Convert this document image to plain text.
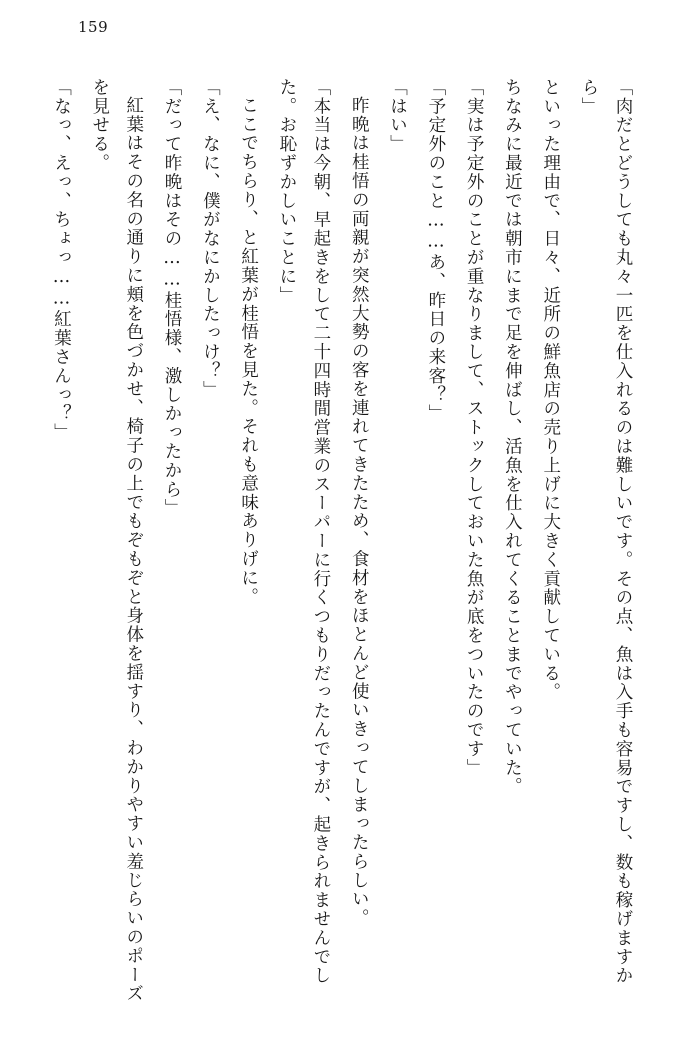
159

「肉だとどうしても丸々一匹を仕入れるのは難しいです。その点、魚は入手も容易ですし、数も稼げますから」

といった理由で、日々、近所の鮮魚店の売り上げに大きく貢献している。

ちなみに最近では朝市にまで足を伸ばし、活魚を仕入れてくることまでやっていた。

「実は予定外のことが重なりまして、ストックしておいた魚が底をついたのです」

「予定外のこと……あ、昨日の来客？」

「はい」

昨晩は桂悟の両親が突然大勢の客を連れてきたため、食材をほとんど使いきってしまったらしい。

「本当は今朝、早起きをして二十四時間営業のスーパーに行くつもりだったんですが、起きられませんでした。お恥ずかしいことに」

ここでちらり、と紅葉が桂悟を見た。それも意味ありげに。

「え、なに、僕がなにかしたっけ？」

「だって昨晩はその……桂悟様、激しかったから」

紅葉はその名の通りに頬を色づかせ、椅子の上でもぞもぞと身体を揺すり、わかりやすい羞じらいのポーズを見せる。

「なっ、えっ、ちょっ……紅葉さんっ？」
